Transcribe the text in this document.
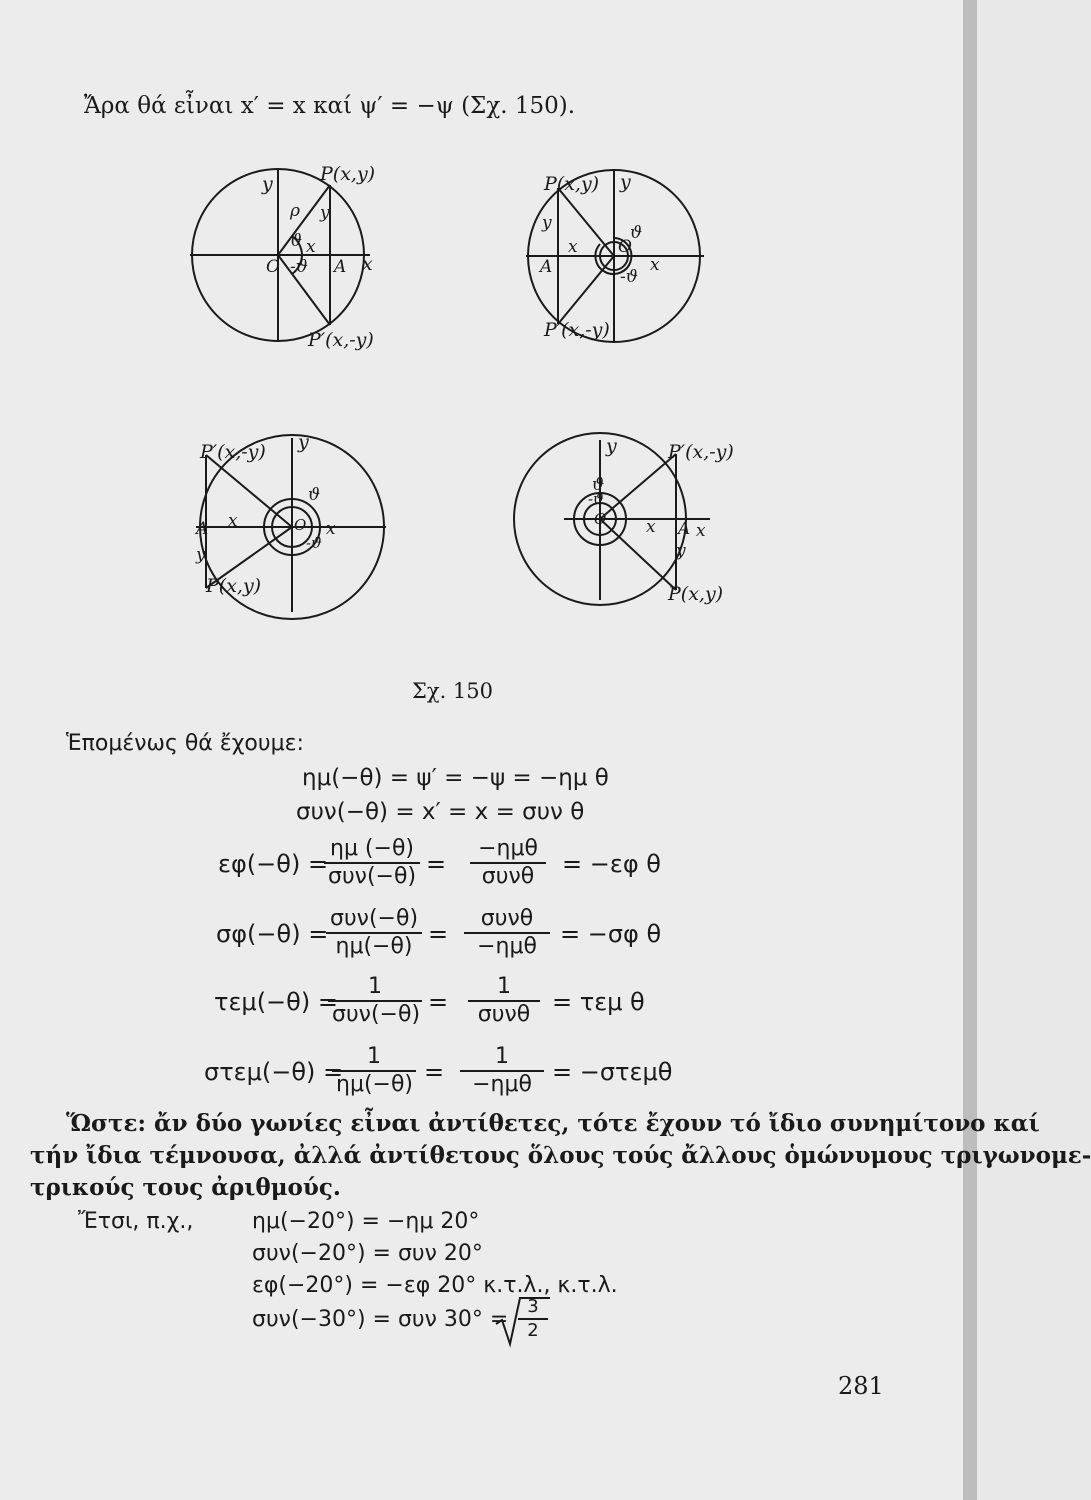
Ἄρα θά εἶναι x′ = x καί ψ′ = −ψ (Σχ. 150).
P(x,y)
P′(x,-y)
y
x
O	A
ρ
ϑ
-ϑ
y
x
P(x,y)
P′(x,-y)
y
x
O
A
ϑ
-ϑ
y
x
P′(x,-y)
P(x,y)
y
x
O
A
ϑ
-ϑ
y
x
P′(x,-y)
P(x,y)
y
x
O	A
ϑ
-ϑ
y
x
Σχ. 150
Ἑπομένως θά ἔχουμε:
ημ(−θ) = ψ′ = −ψ = −ημ θ
συν(−θ) = x′ = x = συν θ
εφ(−θ) =
ημ (−θ)
συν(−θ) =
−ημθ
συνθ	= −εφ θ
σφ(−θ) =
συν(−θ)
ημ(−θ) =
συνθ
−ημθ = −σφ θ
τεμ(−θ) =
1
συν(−θ) =
1
συνθ = τεμ θ
στεμ(−θ) =
$\frac{1}{\eta\mu(-\theta)}$ =
1
−ημθ = −στεμθ
Ὥστε: ἄν δύο γωνίες εἶναι ἀντίθετες, τότε ἔχουν τό ἴδιο συνημίτονο καί
τήν ἴδια τέμνουσα, ἀλλά ἀντίθετους ὅλους τούς ἄλλους ὁμώνυμους τριγωνομε-
τρικούς τους ἀριθμούς.
Ἔτσι, π.χ.,	ημ(−20°) = −ημ 20°
συν(−20°) = συν 20°
εφ(−20°) = −εφ 20° κ.τ.λ., κ.τ.λ.
συν(−30°) = συν $30^\circ = \frac{3}{2}$
281
